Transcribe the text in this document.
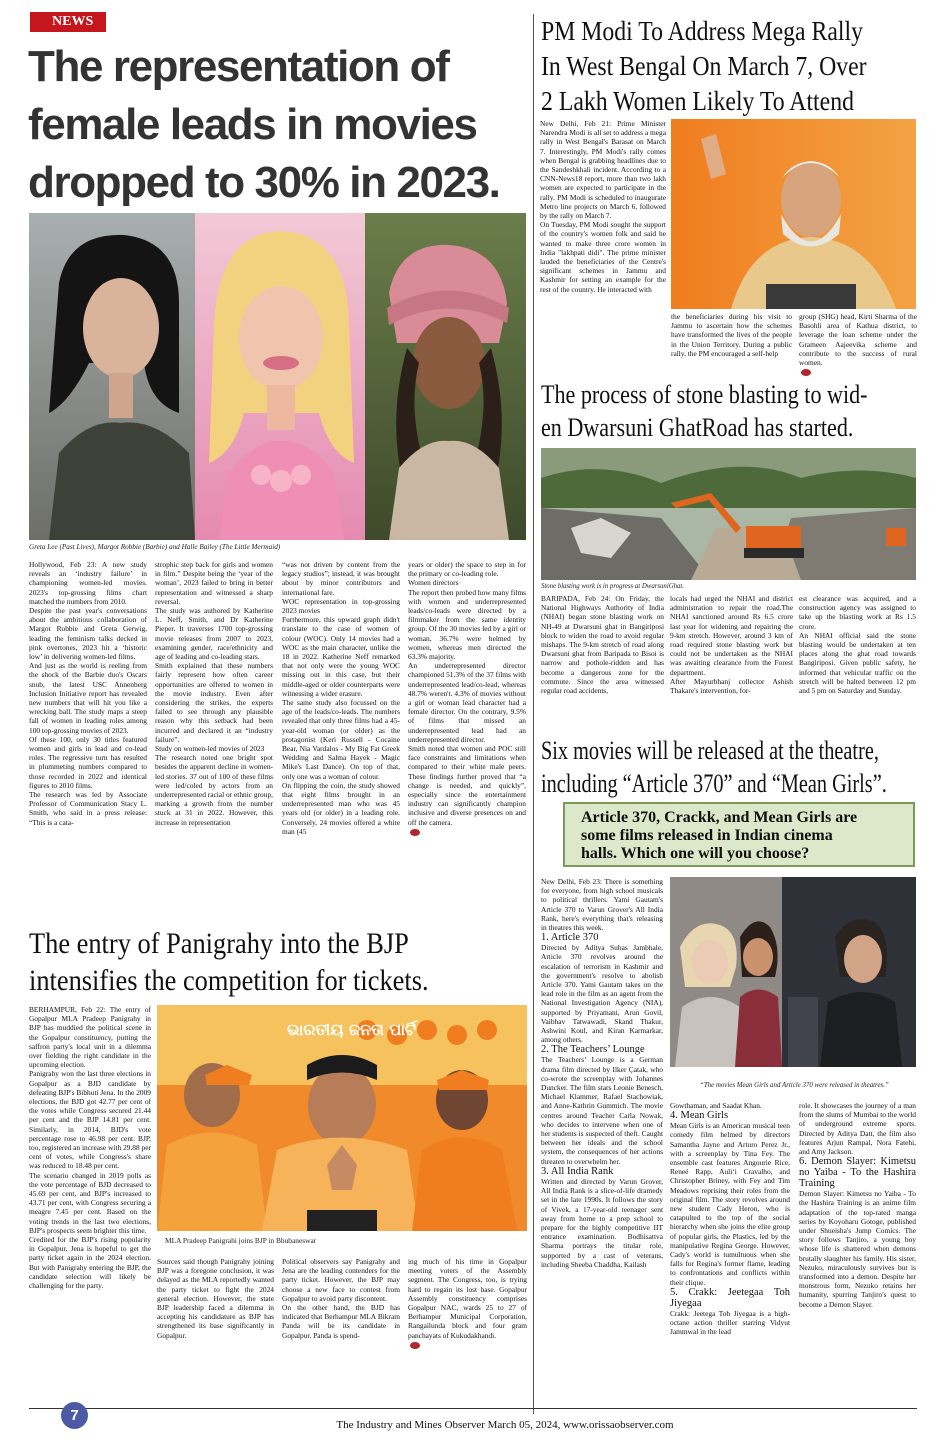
NEWS
The representation of
female leads in movies
dropped to 30% in 2023.
Greta Lee (Past Lives), Margot Robbie (Barbie) and Halle Bailey (The Little Mermaid)

Hollywood, Feb 23: A new study reveals an ‘industry failure’ in championing women-led movies. 2023's top-grossing films chart matched the numbers from 2010.

Despite the past year's conversations about the ambitious collaboration of Margot Robbie and Greta Gerwig, leading the feminism talks decked in pink overtones, 2023 hit a ‘historic low’ in delivering women-led films.

And just as the world is reeling from the shock of the Barbie duo's Oscars snub, the latest USC Annenberg Inclusion Initiative report has revealed new numbers that will hit you like a wrecking ball. The study maps a steep fall of women in leading roles among 100 top-grossing movies of 2023.

Of these 100, only 30 titles featured women and girls in lead and co-lead roles. The regressive turn has resulted in plummeting numbers compared to those recorded in 2022 and identical figures to 2010 films.

The research was led by Associate Professor of Communication Stacy L. Smith, who said in a press release: “This is a cata-

strophic step back for girls and women in film.” Despite being the ‘year of the woman’, 2023 failed to bring in better representation and witnessed a sharp reversal.

The study was authored by Katherine L. Neff, Smith, and Dr Katherine Pieper. It traverses 1700 top-grossing movie releases from 2007 to 2023, examining gender, race/ethnicity and age of leading and co-leading stars.

Smith explained that these numbers fairly represent how often career opportunities are offered to women in the movie industry. Even after considering the strikes, the experts failed to see through any plausible reason why this setback had been incurred and declared it an “industry failure”.

Study on women-led movies of 2023

The research noted one bright spot besides the apparent decline in women-led stories. 37 out of 100 of these films were led/coled by actors from an underrepresented racial or ethnic group, marking a growth from the number stuck at 31 in 2022. However, this increase in representation

“was not driven by content from the legacy studios”; instead, it was brought about by minor contributors and international fare.

WOC representation in top-grossing 2023 movies

Furthermore, this upward graph didn't translate to the case of women of colour (WOC). Only 14 movies had a WOC as the main character, unlike the 18 in 2022. Katherine Neff remarked that not only were the young WOC missing out in this case, but their middle-aged or older counterparts were witnessing a wider erasure.

The same study also focussed on the age of the leads/co-leads. The numbers revealed that only three films had a 45-year-old woman (or older) as the protagonist (Keri Russell - Cocaine Bear, Nia Vardalos - My Big Fat Greek Wedding and Salma Hayek - Magic Mike's Last Dance). On top of that, only one was a woman of colour.

On flipping the coin, the study showed that eight films brought in an underrepresented man who was 45 years old (or older) in a leading role. Conversely, 24 movies offered a white man (45

years or older) the space to step in for the primary or co-leading role.

Women directors

The report then probed how many films with women and underrepresented leads/co-leads were directed by a filmmaker from the same identity group. Of the 30 movies led by a girl or woman, 36.7% were helmed by women, whereas men directed the 63.3% majority.

An underrepresented director championed 51.3% of the 37 films with underrepresented lead/co-lead, whereas 48.7% weren't. 4.3% of movies without a girl or woman lead character had a female director. On the contrary, 9.5% of films that missed an underrepresented lead had an underrepresented director.

Smith noted that women and POC still face constraints and limitations when compared to their white male peers. These findings further proved that “a change is needed, and quickly”, especially since the entertainment industry can significantly champion inclusive and diverse presences on and off the camera.

PM Modi To Address Mega Rally
In West Bengal On March 7, Over
2 Lakh Women Likely To Attend

New Delhi, Feb 21: Prime Minister Narendra Modi is all set to address a mega rally in West Bengal's Barasat on March 7. Interestingly, PM Modi's rally comes when Bengal is grabbing headlines due to the Sandeshkhali incident. According to a CNN-News18 report, more than two lakh women are expected to participate in the rally. PM Modi is scheduled to inaugurate Metro line projects on March 6, followed by the rally on March 7.

On Tuesday, PM Modi sought the support of the country's women folk and said he wanted to make three crore women in India "lakhpati didi". The prime minister lauded the beneficiaries of the Centre's significant schemes in Jammu and Kashmir for setting an example for the rest of the country. He interacted with

the beneficiaries during his visit to Jammu to ascertain how the schemes have transformed the lives of the people in the Union Territory. During a public rally, the PM encouraged a self-help

group (SHG) head, Kirti Sharma of the Basohli area of Kathua district, to leverage the loan scheme under the Grameen Aajeevika scheme and contribute to the success of rural women.

The process of stone blasting to wid-
en Dwarsuni GhatRoad has started.
Stone blasting work is in progress at DwarsuniGhat.

BARIPADA, Feb 24: On Friday, the National Highways Authority of India (NHAI) began stone blasting work on NH-49 at Dwarsuni ghat in Bangiriposi block to widen the road to avoid regular mishaps. The 9-km stretch of road along Dwarsuni ghat from Baripada to Bisoi is narrow and pothole-ridden and has become a dangerous zone for the commute. Since the area witnessed regular road accidents,

locals had urged the NHAI and district administration to repair the road.The NHAI sanctioned around Rs 6.5 crore last year for widening and repairing the 9-km stretch. However, around 3 km of road required stone blasting work but could not be undertaken as the NHAI was awaiting clearance from the Forest department.

After Mayurbhanj collector Ashish Thakare's intervention, for-

est clearance was acquired, and a construction agency was assigned to take up the blasting work at Rs 1.5 crore.

An NHAI official said the stone blasting would be undertaken at ten places along the ghat road towards Bangiriposi. Given public safety, he informed that vehicular traffic on the stretch will be halted between 12 pm and 5 pm on Saturday and Sunday.

Six movies will be released at the theatre,
including “Article 370” and “Mean Girls”.
Article 370, Crackk, and Mean Girls are
some films released in Indian cinema
halls. Which one will you choose?

New Delhi, Feb 23: There is something for everyone, from high school musicals to political thrillers. Yami Gautam's Article 370 to Varun Grover's All India Rank, here's everything that's releasing in theatres this week.

1. Article 370

Directed by Aditya Suhas Jambhale, Article 370 revolves around the escalation of terrorism in Kashmir and the government's resolve to abolish Article 370. Yami Gautam takes on the lead role in the film as an agent from the National Investigation Agency (NIA), supported by Priyamani, Arun Govil, Vaibhav Tatwawadi, Skand Thakur, Ashwini Koul, and Kiran Karmarkar, among others.

2. The Teachers’ Lounge

The Teachers’ Lounge is a German drama film directed by Ilker Çatak, who co-wrote the screenplay with Johannes Duncker. The film stars Leonie Benesch, Michael Klammer, Rafael Stachowiak, and Anne-Kathrin Gummich. The movie centres around Teacher Carla Nowak, who decides to intervene when one of her students is suspected of theft. Caught between her ideals and the school system, the consequences of her actions threaten to overwhelm her.

3. All India Rank

Written and directed by Varun Grover, All India Rank is a slice-of-life dramedy set in the late 1990s. It follows the story of Vivek, a 17-year-old teenager sent away from home to a prep school to prepare for the highly competitive IIT entrance examination. Bodhisattva Sharma portrays the titular role, supported by a cast of veterans, including Sheeba Chaddha, Kailash

“The movies Mean Girls and Article 370 were released in theatres.”

Gowthaman, and Saadat Khan.

4. Mean Girls

Mean Girls is an American musical teen comedy film helmed by directors Samantha Jayne and Arturo Perez Jr., with a screenplay by Tina Fey. The ensemble cast features Angourie Rice, Reneé Rapp, Auli‘i Cravalho, and Christopher Briney, with Fey and Tim Meadows reprising their roles from the original film. The story revolves around new student Cady Heron, who is catapulted to the top of the social hierarchy when she joins the elite group of popular girls, the Plastics, led by the manipulative Regina George. However, Cady's world is tumultuous when she falls for Regina's former flame, leading to confrontations and conflicts within their clique.

5. Crakk: Jeetegaa Toh Jiyegaa

Crakk: Jeetega Toh Jiyegaa is a high-octane action thriller starring Vidyut Jammwal in the lead

role. It showcases the journey of a man from the slums of Mumbai to the world of underground extreme sports. Directed by Aditya Datt, the film also features Arjun Rampal, Nora Fatehi, and Amy Jackson.

6. Demon Slayer: Kimetsu no Yaiba - To the Hashira Training

Demon Slayer: Kimetsu no Yaiba - To the Hashira Training is an anime film adaptation of the top-rated manga series by Koyoharu Gotoge, published under Shueisha's Jump Comics. The story follows Tanjiro, a young boy whose life is shattered when demons brutally slaughter his family. His sister, Nezuko, miraculously survives but is transformed into a demon. Despite her monstrous form, Nezuko retains her humanity, spurring Tanjiro's quest to become a Demon Slayer.

The entry of Panigrahy into the BJP
intensifies the competition for tickets.

BERHAMPUR, Feb 22: The entry of Gopalpur MLA Pradeep Panigrahy in BJP has muddied the political scene in the Gopalpur constituency, putting the saffron party's local unit in a dilemma over fielding the right candidate in the upcoming election.

Panigrahy won the last three elections in Gopalpur as a BJD candidate by defeating BJP's Bibhuti Jena. In the 2009 elections, the BJD got 42.77 per cent of the votes while Congress secured 21.44 per cent and the BJP 14.81 per cent. Similarly, in 2014, BJD's vote percentage rose to 46.98 per cent. BJP, too, registered an increase with 29.88 per cent of votes, while Congress's share was reduced to 18.48 per cent.

The scenario changed in 2019 polls as the vote percentage of BJD decreased to 45.69 per cent, and BJP's increased to 43.71 per cent, with Congress securing a meagre 7.45 per cent. Based on the voting trends in the last two elections, BJP's prospects seem brighter this time.

Credited for the BJP's rising popularity in Gopalpur, Jena is hopeful to get the party ticket again in the 2024 election. But with Panigrahy entering the BJP, the candidate selection will likely be challenging for the party.

ଭାରତୀୟ ଜନତା ପାର୍ଟି
MLA Pradeep Panigrahi joins BJP in Bhubaneswar

Sources said though Panigrahy joining BJP was a foregone conclusion, it was delayed as the MLA reportedly wanted the party ticket to fight the 2024 general election. However, the state BJP leadership faced a dilemma in accepting his candidature as BJP has strengthened its base significantly in Gopalpur.

Political observers say Panigrahy and Jena are the leading contenders for the party ticket. However, the BJP may choose a new face to contest from Gopalpur to avoid party discontent.

On the other hand, the BJD has indicated that Berhampur MLA Bikram Panda will be its candidate in Gopalpur. Panda is spend-

ing much of his time in Gopalpur meeting voters of the Assembly segment. The Congress, too, is trying hard to regain its lost base. Gopalpur Assembly constituency comprises Gopalpur NAC, wards 25 to 27 of Berhampur Municipal Corporation, Rangailunda block and four gram panchayats of Kukudakhandi.

7
The Industry and Mines Observer March 05, 2024, www.orissaobserver.com
